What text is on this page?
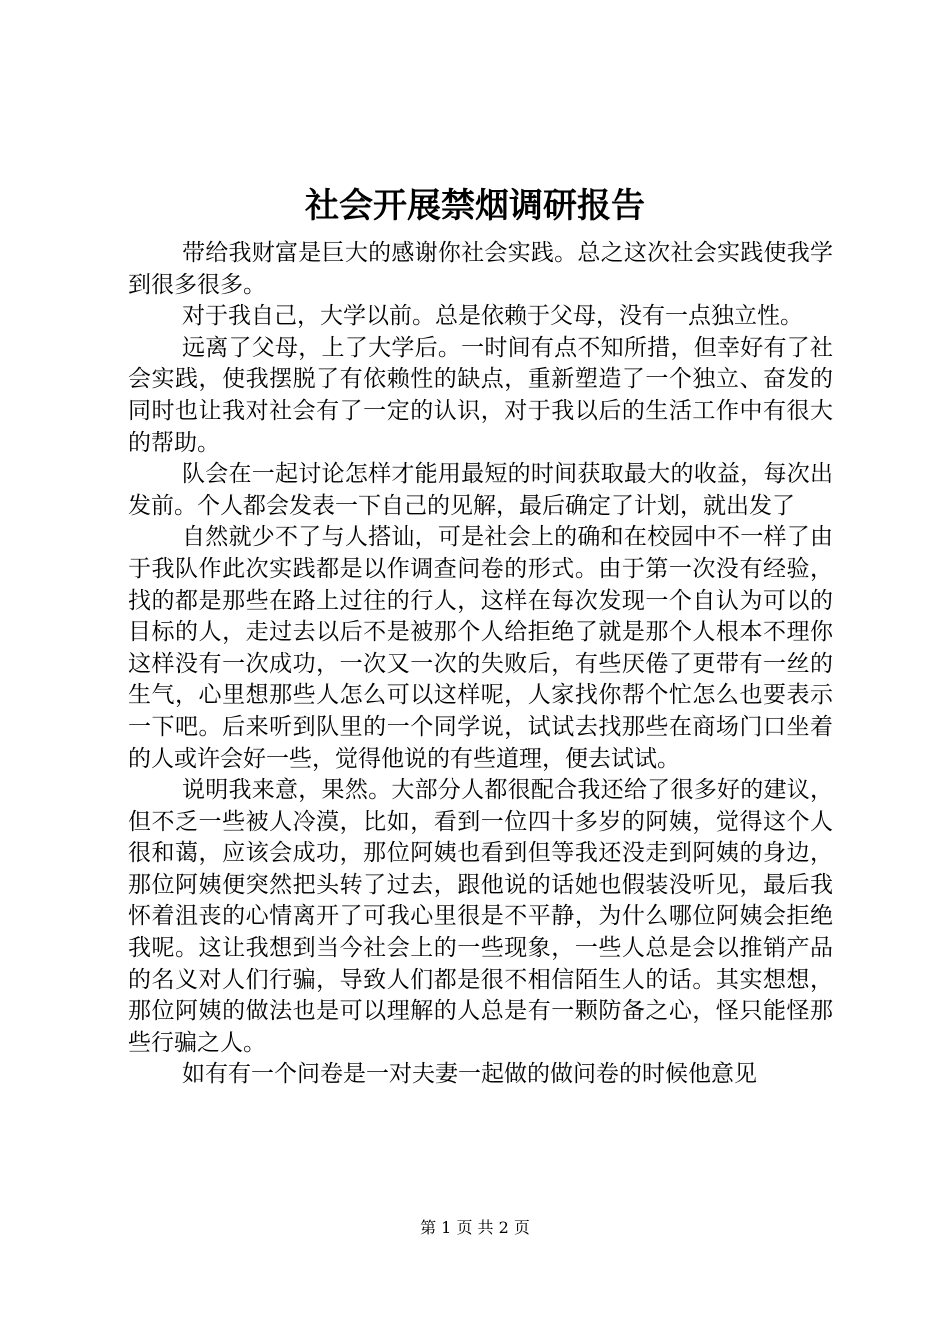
社会开展禁烟调研报告

带给我财富是巨大的感谢你社会实践。总之这次社会实践使我学到很多很多。

对于我自己，大学以前。总是依赖于父母，没有一点独立性。

远离了父母，上了大学后。一时间有点不知所措，但幸好有了社会实践，使我摆脱了有依赖性的缺点，重新塑造了一个独立、奋发的同时也让我对社会有了一定的认识，对于我以后的生活工作中有很大的帮助。

队会在一起讨论怎样才能用最短的时间获取最大的收益，每次出发前。个人都会发表一下自己的见解，最后确定了计划，就出发了

自然就少不了与人搭讪，可是社会上的确和在校园中不一样了由于我队作此次实践都是以作调查问卷的形式。由于第一次没有经验，找的都是那些在路上过往的行人，这样在每次发现一个自认为可以的目标的人，走过去以后不是被那个人给拒绝了就是那个人根本不理你这样没有一次成功，一次又一次的失败后，有些厌倦了更带有一丝的生气，心里想那些人怎么可以这样呢，人家找你帮个忙怎么也要表示一下吧。后来听到队里的一个同学说，试试去找那些在商场门口坐着的人或许会好一些，觉得他说的有些道理，便去试试。

说明我来意，果然。大部分人都很配合我还给了很多好的建议，但不乏一些被人冷漠，比如，看到一位四十多岁的阿姨，觉得这个人很和蔼，应该会成功，那位阿姨也看到但等我还没走到阿姨的身边，那位阿姨便突然把头转了过去，跟他说的话她也假装没听见，最后我怀着沮丧的心情离开了可我心里很是不平静，为什么哪位阿姨会拒绝我呢。这让我想到当今社会上的一些现象，一些人总是会以推销产品的名义对人们行骗，导致人们都是很不相信陌生人的话。其实想想，那位阿姨的做法也是可以理解的人总是有一颗防备之心，怪只能怪那些行骗之人。

如有有一个问卷是一对夫妻一起做的做问卷的时候他意见

第 1 页 共 2 页
